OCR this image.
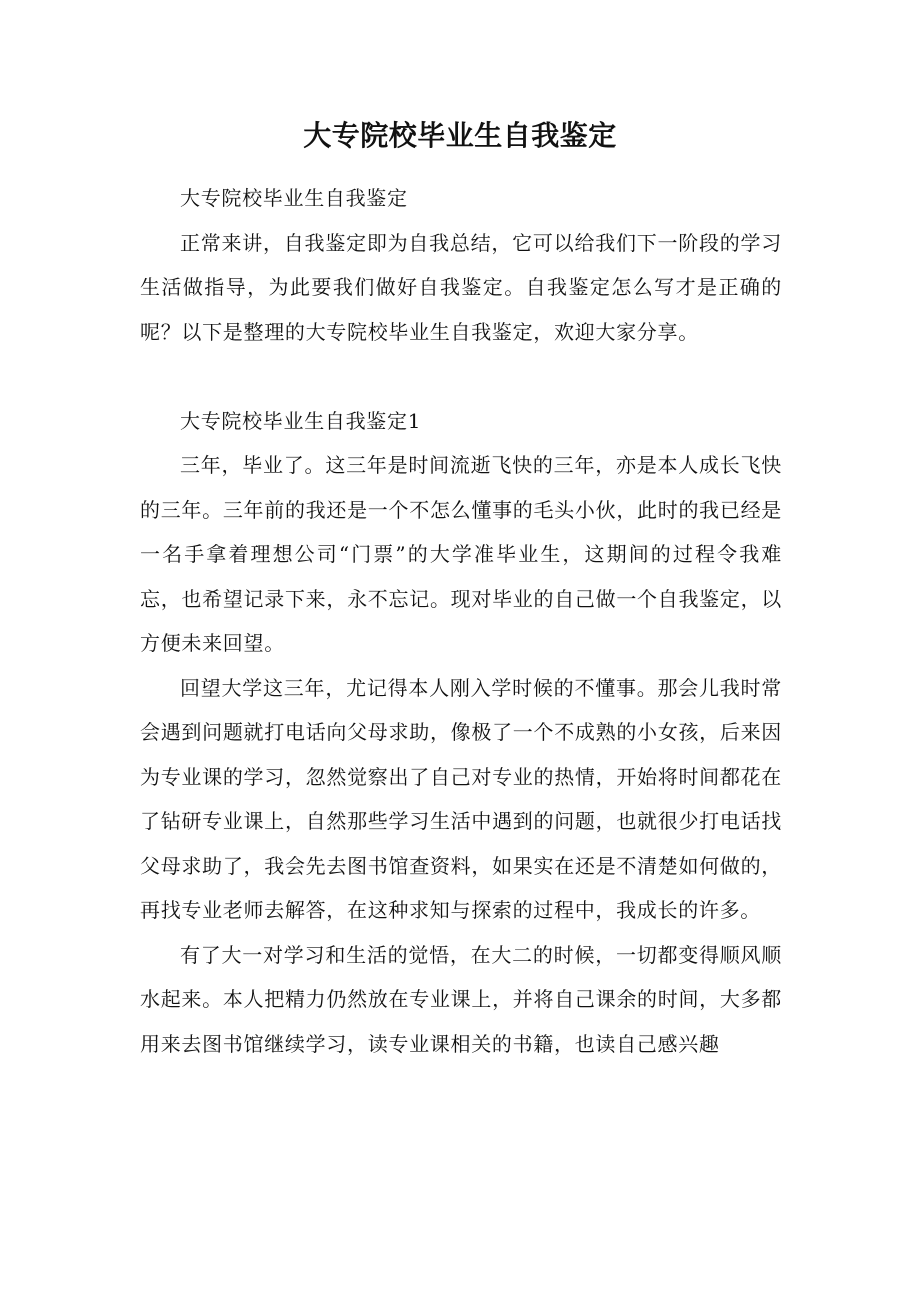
大专院校毕业生自我鉴定

大专院校毕业生自我鉴定

正常来讲，自我鉴定即为自我总结，它可以给我们下一阶段的学习生活做指导，为此要我们做好自我鉴定。自我鉴定怎么写才是正确的呢？以下是整理的大专院校毕业生自我鉴定，欢迎大家分享。

大专院校毕业生自我鉴定1

三年，毕业了。这三年是时间流逝飞快的三年，亦是本人成长飞快的三年。三年前的我还是一个不怎么懂事的毛头小伙，此时的我已经是一名手拿着理想公司“门票”的大学准毕业生，这期间的过程令我难忘，也希望记录下来，永不忘记。现对毕业的自己做一个自我鉴定，以方便未来回望。

回望大学这三年，尤记得本人刚入学时候的不懂事。那会儿我时常会遇到问题就打电话向父母求助，像极了一个不成熟的小女孩，后来因为专业课的学习，忽然觉察出了自己对专业的热情，开始将时间都花在了钻研专业课上，自然那些学习生活中遇到的问题，也就很少打电话找父母求助了，我会先去图书馆查资料，如果实在还是不清楚如何做的，再找专业老师去解答，在这种求知与探索的过程中，我成长的许多。

有了大一对学习和生活的觉悟，在大二的时候，一切都变得顺风顺水起来。本人把精力仍然放在专业课上，并将自己课余的时间，大多都用来去图书馆继续学习，读专业课相关的书籍，也读自己感兴趣
